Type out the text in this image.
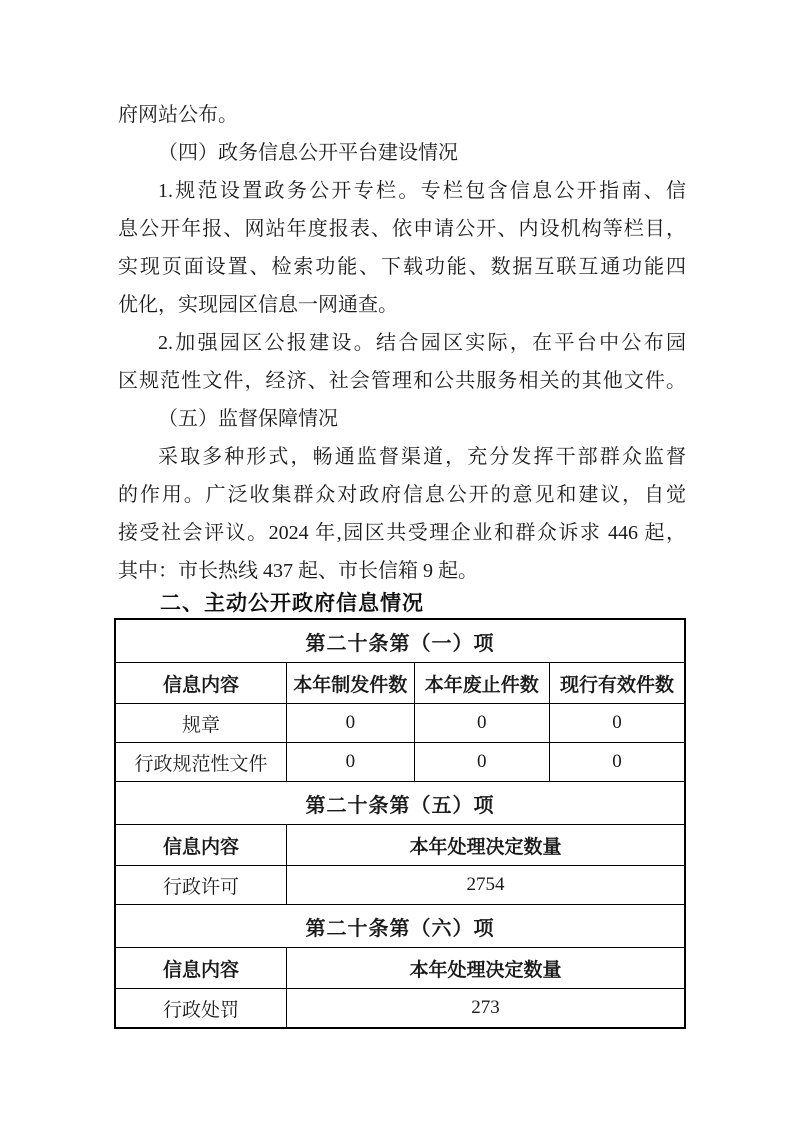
府网站公布。
（四）政务信息公开平台建设情况
1.规范设置政务公开专栏。专栏包含信息公开指南、信
息公开年报、网站年度报表、依申请公开、内设机构等栏目，
实现页面设置、检索功能、下载功能、数据互联互通功能四
优化，实现园区信息一网通查。
2.加强园区公报建设。结合园区实际，在平台中公布园
区规范性文件，经济、社会管理和公共服务相关的其他文件。
（五）监督保障情况
采取多种形式，畅通监督渠道，充分发挥干部群众监督
的作用。广泛收集群众对政府信息公开的意见和建议，自觉
接受社会评议。2024 年,园区共受理企业和群众诉求 446 起，
其中：市长热线 437 起、市长信箱 9 起。
二、主动公开政府信息情况
第二十条第（一）项			
信息内容	本年制发件数	本年废止件数	现行有效件数
规章	0	0	0
行政规范性文件	0	0	0
第二十条第（五）项			
信息内容	本年处理决定数量		
行政许可	2754		
第二十条第（六）项			
信息内容	本年处理决定数量		
行政处罚	273		
